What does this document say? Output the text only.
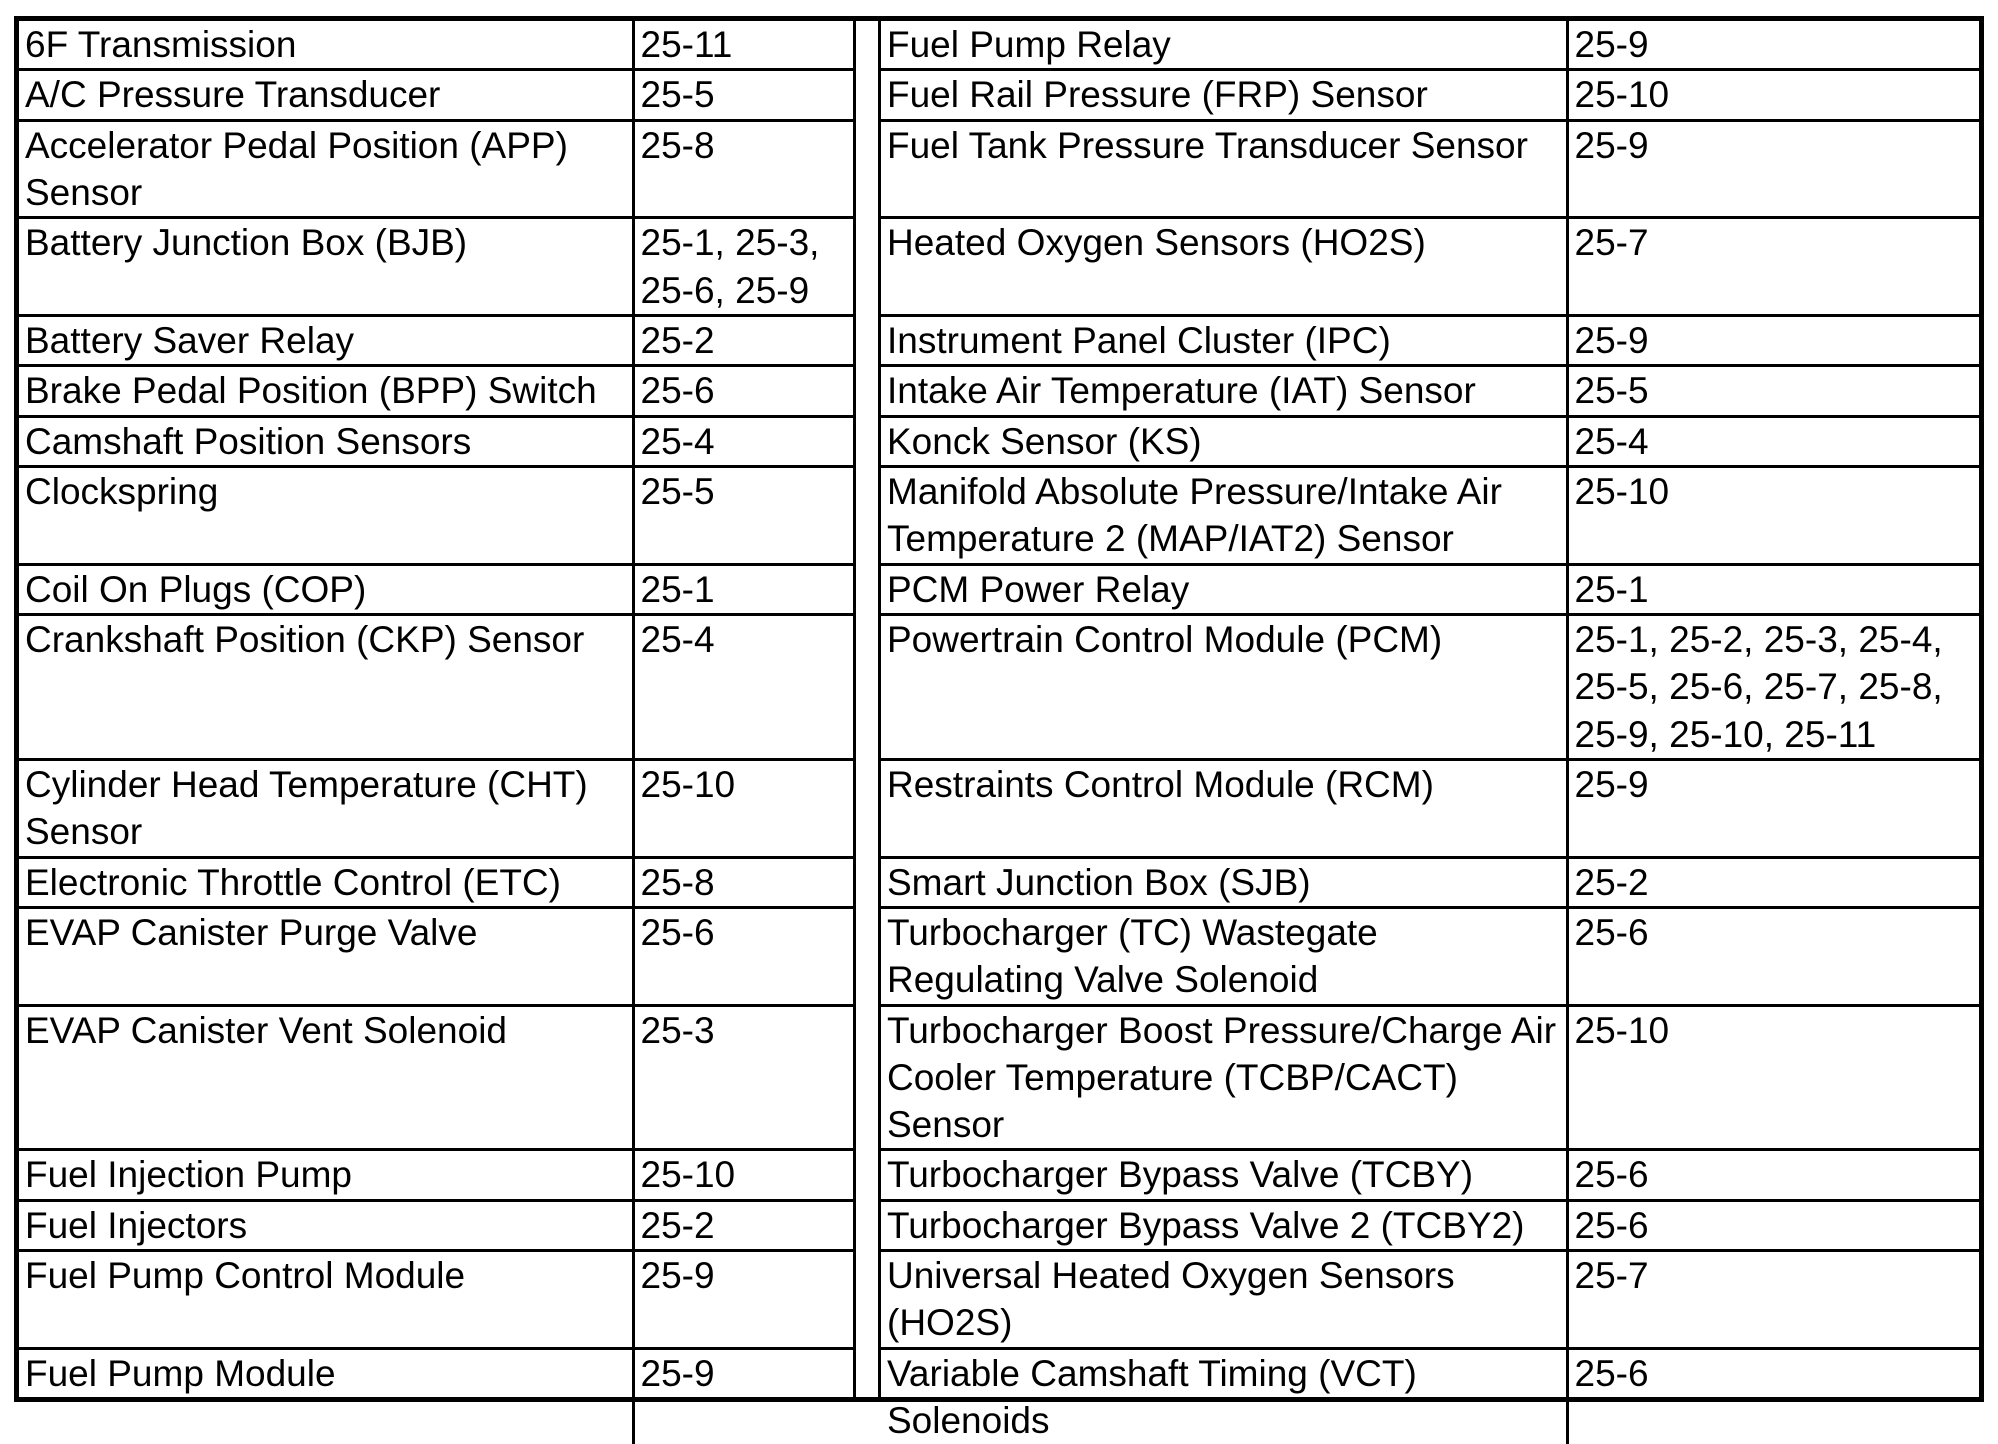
6F Transmission	25-11
A/C Pressure Transducer	25-5
Accelerator Pedal Position (APP) Sensor	25-8
Battery Junction Box (BJB)	25-1, 25-3, 25-6, 25-9
Battery Saver Relay	25-2
Brake Pedal Position (BPP) Switch	25-6
Camshaft Position Sensors	25-4
Clockspring	25-5
Coil On Plugs (COP)	25-1
Crankshaft Position (CKP) Sensor	25-4
Cylinder Head Temperature (CHT) Sensor	25-10
Electronic Throttle Control (ETC)	25-8
EVAP Canister Purge Valve	25-6
EVAP Canister Vent Solenoid	25-3
Fuel Injection Pump	25-10
Fuel Injectors	25-2
Fuel Pump Control Module	25-9
Fuel Pump Module	25-9
Fuel Pump Relay	25-9
Fuel Rail Pressure (FRP) Sensor	25-10
Fuel Tank Pressure Transducer Sensor	25-9
Heated Oxygen Sensors (HO2S)	25-7
Instrument Panel Cluster (IPC)	25-9
Intake Air Temperature (IAT) Sensor	25-5
Konck Sensor (KS)	25-4
Manifold Absolute Pressure/Intake Air Temperature 2 (MAP/IAT2) Sensor	25-10
PCM Power Relay	25-1
Powertrain Control Module (PCM)	25-1, 25-2, 25-3, 25-4, 25-5, 25-6, 25-7, 25-8, 25-9, 25-10, 25-11
Restraints Control Module (RCM)	25-9
Smart Junction Box (SJB)	25-2
Turbocharger (TC) Wastegate Regulating Valve Solenoid	25-6
Turbocharger Boost Pressure/Charge Air Cooler Temperature (TCBP/CACT) Sensor	25-10
Turbocharger Bypass Valve (TCBY)	25-6
Turbocharger Bypass Valve 2 (TCBY2)	25-6
Universal Heated Oxygen Sensors (HO2S)	25-7
Variable Camshaft Timing (VCT) Solenoids	25-6
